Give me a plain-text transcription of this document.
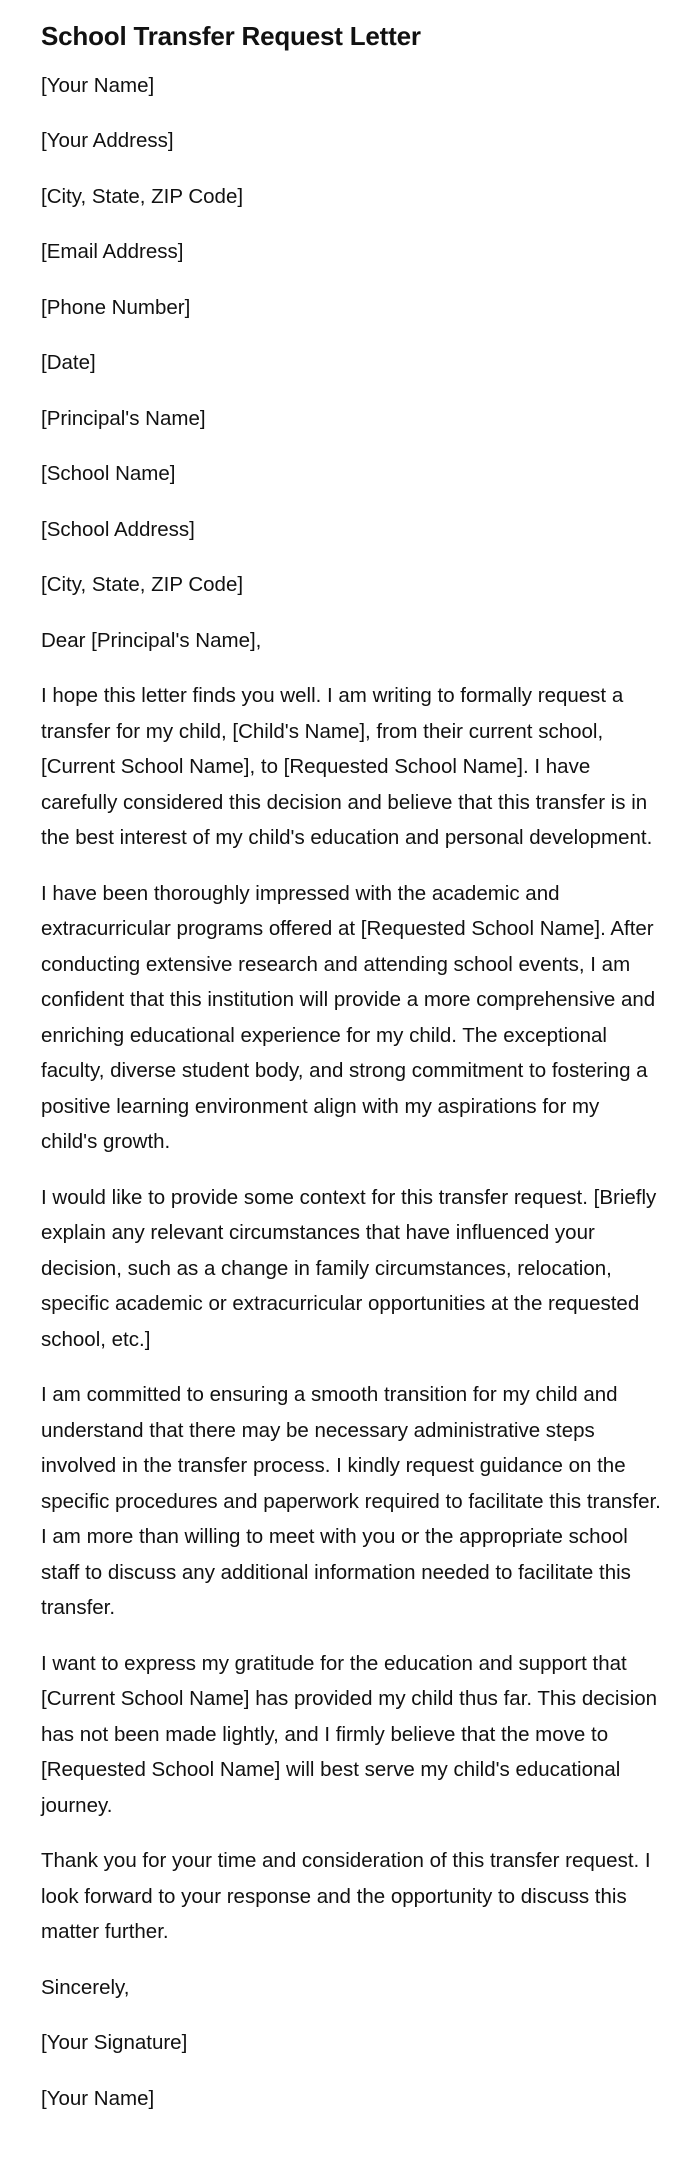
School Transfer Request Letter

[Your Name]

[Your Address]

[City, State, ZIP Code]

[Email Address]

[Phone Number]

[Date]

[Principal's Name]

[School Name]

[School Address]

[City, State, ZIP Code]

Dear [Principal's Name],

I hope this letter finds you well. I am writing to formally request a transfer for my child, [Child's Name], from their current school, [Current School Name], to [Requested School Name]. I have carefully considered this decision and believe that this transfer is in the best interest of my child's education and personal development.

I have been thoroughly impressed with the academic and extracurricular programs offered at [Requested School Name]. After conducting extensive research and attending school events, I am confident that this institution will provide a more comprehensive and enriching educational experience for my child. The exceptional faculty, diverse student body, and strong commitment to fostering a positive learning environment align with my aspirations for my child's growth.

I would like to provide some context for this transfer request. [Briefly explain any relevant circumstances that have influenced your decision, such as a change in family circumstances, relocation, specific academic or extracurricular opportunities at the requested school, etc.]

I am committed to ensuring a smooth transition for my child and understand that there may be necessary administrative steps involved in the transfer process. I kindly request guidance on the specific procedures and paperwork required to facilitate this transfer. I am more than willing to meet with you or the appropriate school staff to discuss any additional information needed to facilitate this transfer.

I want to express my gratitude for the education and support that [Current School Name] has provided my child thus far. This decision has not been made lightly, and I firmly believe that the move to [Requested School Name] will best serve my child's educational journey.

Thank you for your time and consideration of this transfer request. I look forward to your response and the opportunity to discuss this matter further.

Sincerely,

[Your Signature]

[Your Name]
